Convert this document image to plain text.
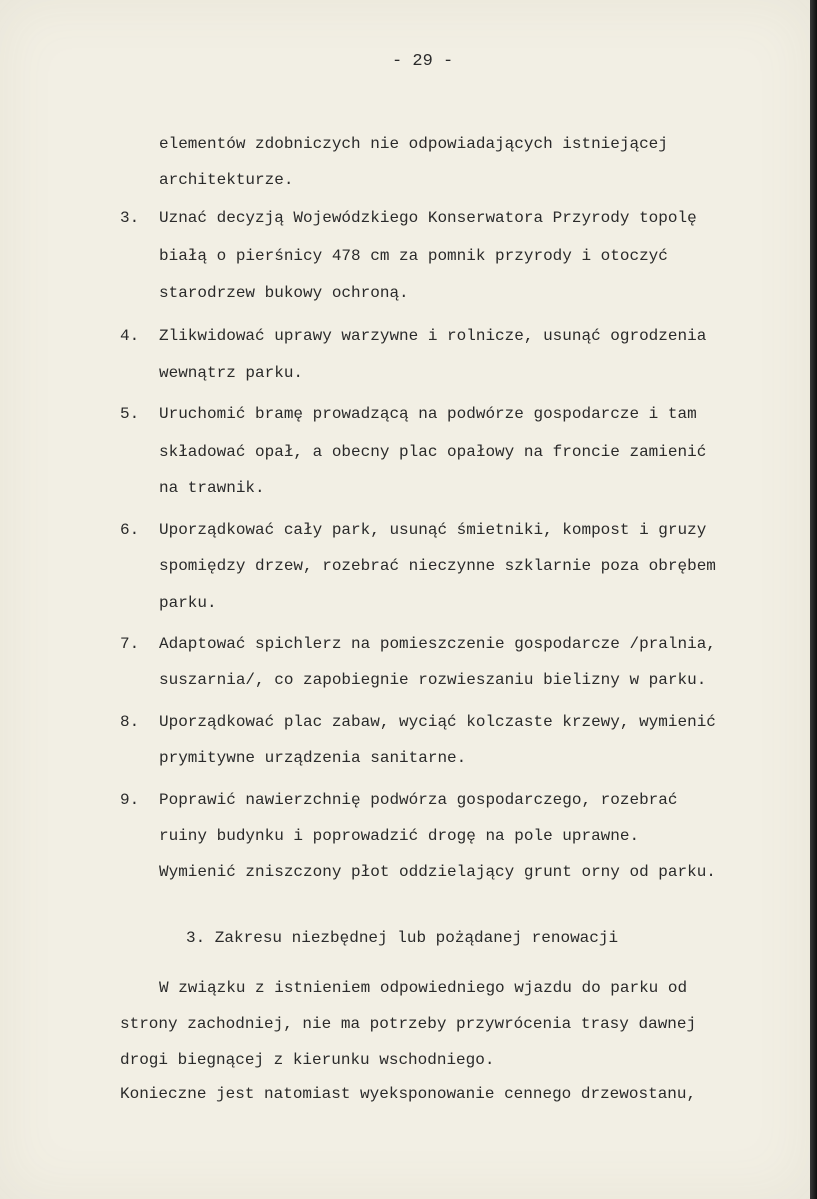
- 29 -
elementów zdobniczych nie odpowiadających istniejącej
architekturze.
3. Uznać decyzją Wojewódzkiego Konserwatora Przyrody topolę
białą o pierśnicy 478 cm za pomnik przyrody i otoczyć
starodrzew bukowy ochroną.
4. Zlikwidować uprawy warzywne i rolnicze, usunąć ogrodzenia
wewnątrz parku.
5. Uruchomić bramę prowadzącą na podwórze gospodarcze i tam
składować opał, a obecny plac opałowy na froncie zamienić
na trawnik.
6. Uporządkować cały park, usunąć śmietniki, kompost i gruzy
spomiędzy drzew, rozebrać nieczynne szklarnie poza obrębem
parku.
7. Adaptować spichlerz na pomieszczenie gospodarcze /pralnia,
suszarnia/, co zapobiegnie rozwieszaniu bielizny w parku.
8. Uporządkować plac zabaw, wyciąć kolczaste krzewy, wymienić
prymitywne urządzenia sanitarne.
9. Poprawić nawierzchnię podwórza gospodarczego, rozebrać
ruiny budynku i poprowadzić drogę na pole uprawne.
Wymienić zniszczony płot oddzielający grunt orny od parku.
3. Zakresu niezbędnej lub pożądanej renowacji
W związku z istnieniem odpowiedniego wjazdu do parku od
strony zachodniej, nie ma potrzeby przywrócenia trasy dawnej
drogi biegnącej z kierunku wschodniego.
Konieczne jest natomiast wyeksponowanie cennego drzewostanu,
